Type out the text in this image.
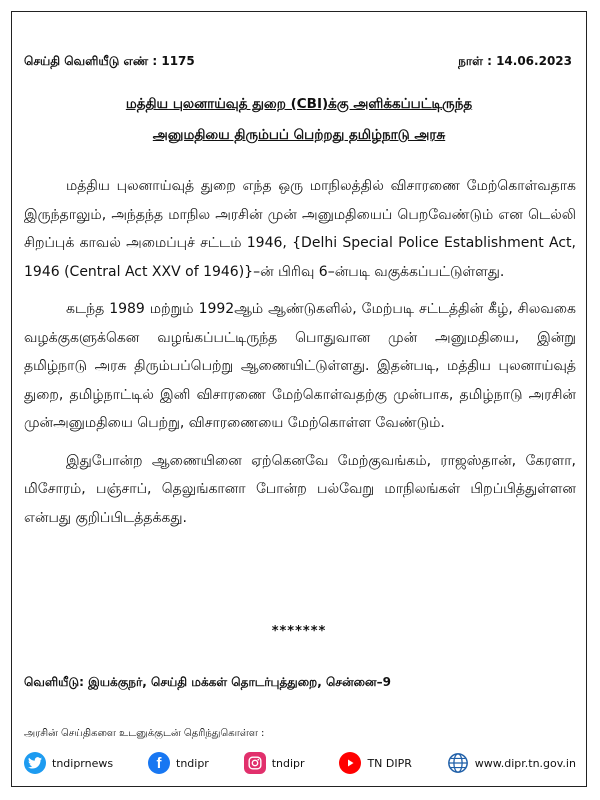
செய்தி வெளியீடு எண் : 1175	நாள் : 14.06.2023
மத்திய புலனாய்வுத் துறை (CBI)க்கு அளிக்கப்பட்டிருந்த
அனுமதியை திரும்பப் பெற்றது தமிழ்நாடு அரசு

மத்திய புலனாய்வுத் துறை எந்த ஒரு மாநிலத்தில் விசாரணை மேற்கொள்வதாக இருந்தாலும், அந்தந்த மாநில அரசின் முன் அனுமதியைப் பெறவேண்டும் என டெல்லி சிறப்புக் காவல் அமைப்புச் சட்டம் 1946, {Delhi Special Police Establishment Act, 1946 (Central Act XXV of 1946)}–ன் பிரிவு 6–ன்படி வகுக்கப்பட்டுள்ளது.

கடந்த 1989 மற்றும் 1992ஆம் ஆண்டுகளில், மேற்படி சட்டத்தின் கீழ், சிலவகை வழக்குகளுக்கென வழங்கப்பட்டிருந்த பொதுவான முன் அனுமதியை, இன்று தமிழ்நாடு அரசு திரும்பப்பெற்று ஆணையிட்டுள்ளது. இதன்படி, மத்திய புலனாய்வுத் துறை, தமிழ்நாட்டில் இனி விசாரணை மேற்கொள்வதற்கு முன்பாக, தமிழ்நாடு அரசின் முன்அனுமதியை பெற்று, விசாரணையை மேற்கொள்ள வேண்டும்.

இதுபோன்ற ஆணையினை ஏற்கெனவே மேற்குவங்கம், ராஜஸ்தான், கேரளா, மிசோரம், பஞ்சாப், தெலுங்கானா போன்ற பல்வேறு மாநிலங்கள் பிறப்பித்துள்ளன என்பது குறிப்பிடத்தக்கது.

*******
வெளியீடு: இயக்குநர், செய்தி மக்கள் தொடர்புத்துறை, சென்னை–9
அரசின் செய்திகளை உடனுக்குடன் தெரிந்துகொள்ள :
tndiprnews	f tndipr	tndipr	TN DIPR	www.dipr.tn.gov.in
